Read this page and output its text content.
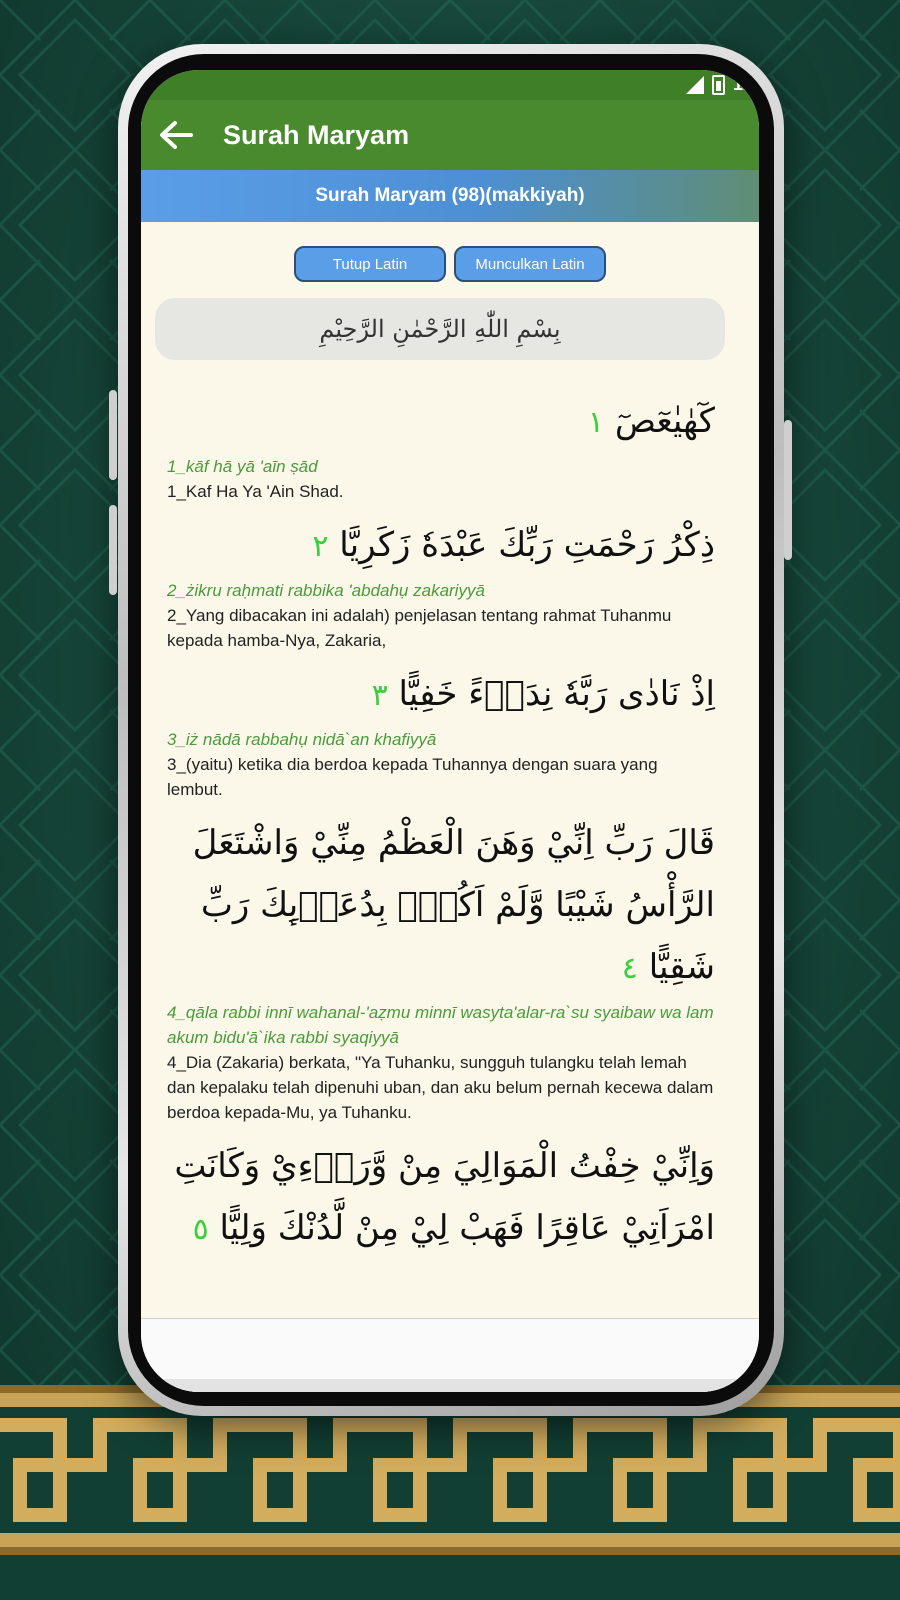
12:
Surah Maryam
Surah Maryam (98)(makkiyah)
Tutup Latin	Munculkan Latin
بِسْمِ اللّٰهِ الرَّحْمٰنِ الرَّحِيْمِ
كٓهٰيٰعٓصٓ ١
1_kāf hā yā 'aīn ṣād
1_Kaf Ha Ya 'Ain Shad.
ذِكْرُ رَحْمَتِ رَبِّكَ عَبْدَهٗ زَكَرِيَّا ٢
2_żikru raḥmati rabbika 'abdahụ zakariyyā
2_Yang dibacakan ini adalah) penjelasan tentang rahmat Tuhanmu kepada hamba-Nya, Zakaria,
اِذْ نَادٰى رَبَّهٗ نِدَاۤءً خَفِيًّا ٣
3_iż nādā rabbahụ nidā`an khafiyyā
3_(yaitu) ketika dia berdoa kepada Tuhannya dengan suara yang lembut.
قَالَ رَبِّ اِنِّيْ وَهَنَ الْعَظْمُ مِنِّيْ وَاشْتَعَلَ الرَّأْسُ شَيْبًا وَّلَمْ اَكُنْۢ بِدُعَاۤىِٕكَ رَبِّ شَقِيًّا ٤
4_qāla rabbi innī wahanal-'aẓmu minnī wasyta'alar-ra`su syaibaw wa lam akum bidu'ā`ika rabbi syaqiyyā
4_Dia (Zakaria) berkata, "Ya Tuhanku, sungguh tulangku telah lemah dan kepalaku telah dipenuhi uban, dan aku belum pernah kecewa dalam berdoa kepada-Mu, ya Tuhanku.
وَاِنِّيْ خِفْتُ الْمَوَالِيَ مِنْ وَّرَاۤءِيْ وَكَانَتِ امْرَاَتِيْ عَاقِرًا فَهَبْ لِيْ مِنْ لَّدُنْكَ وَلِيًّا ٥
